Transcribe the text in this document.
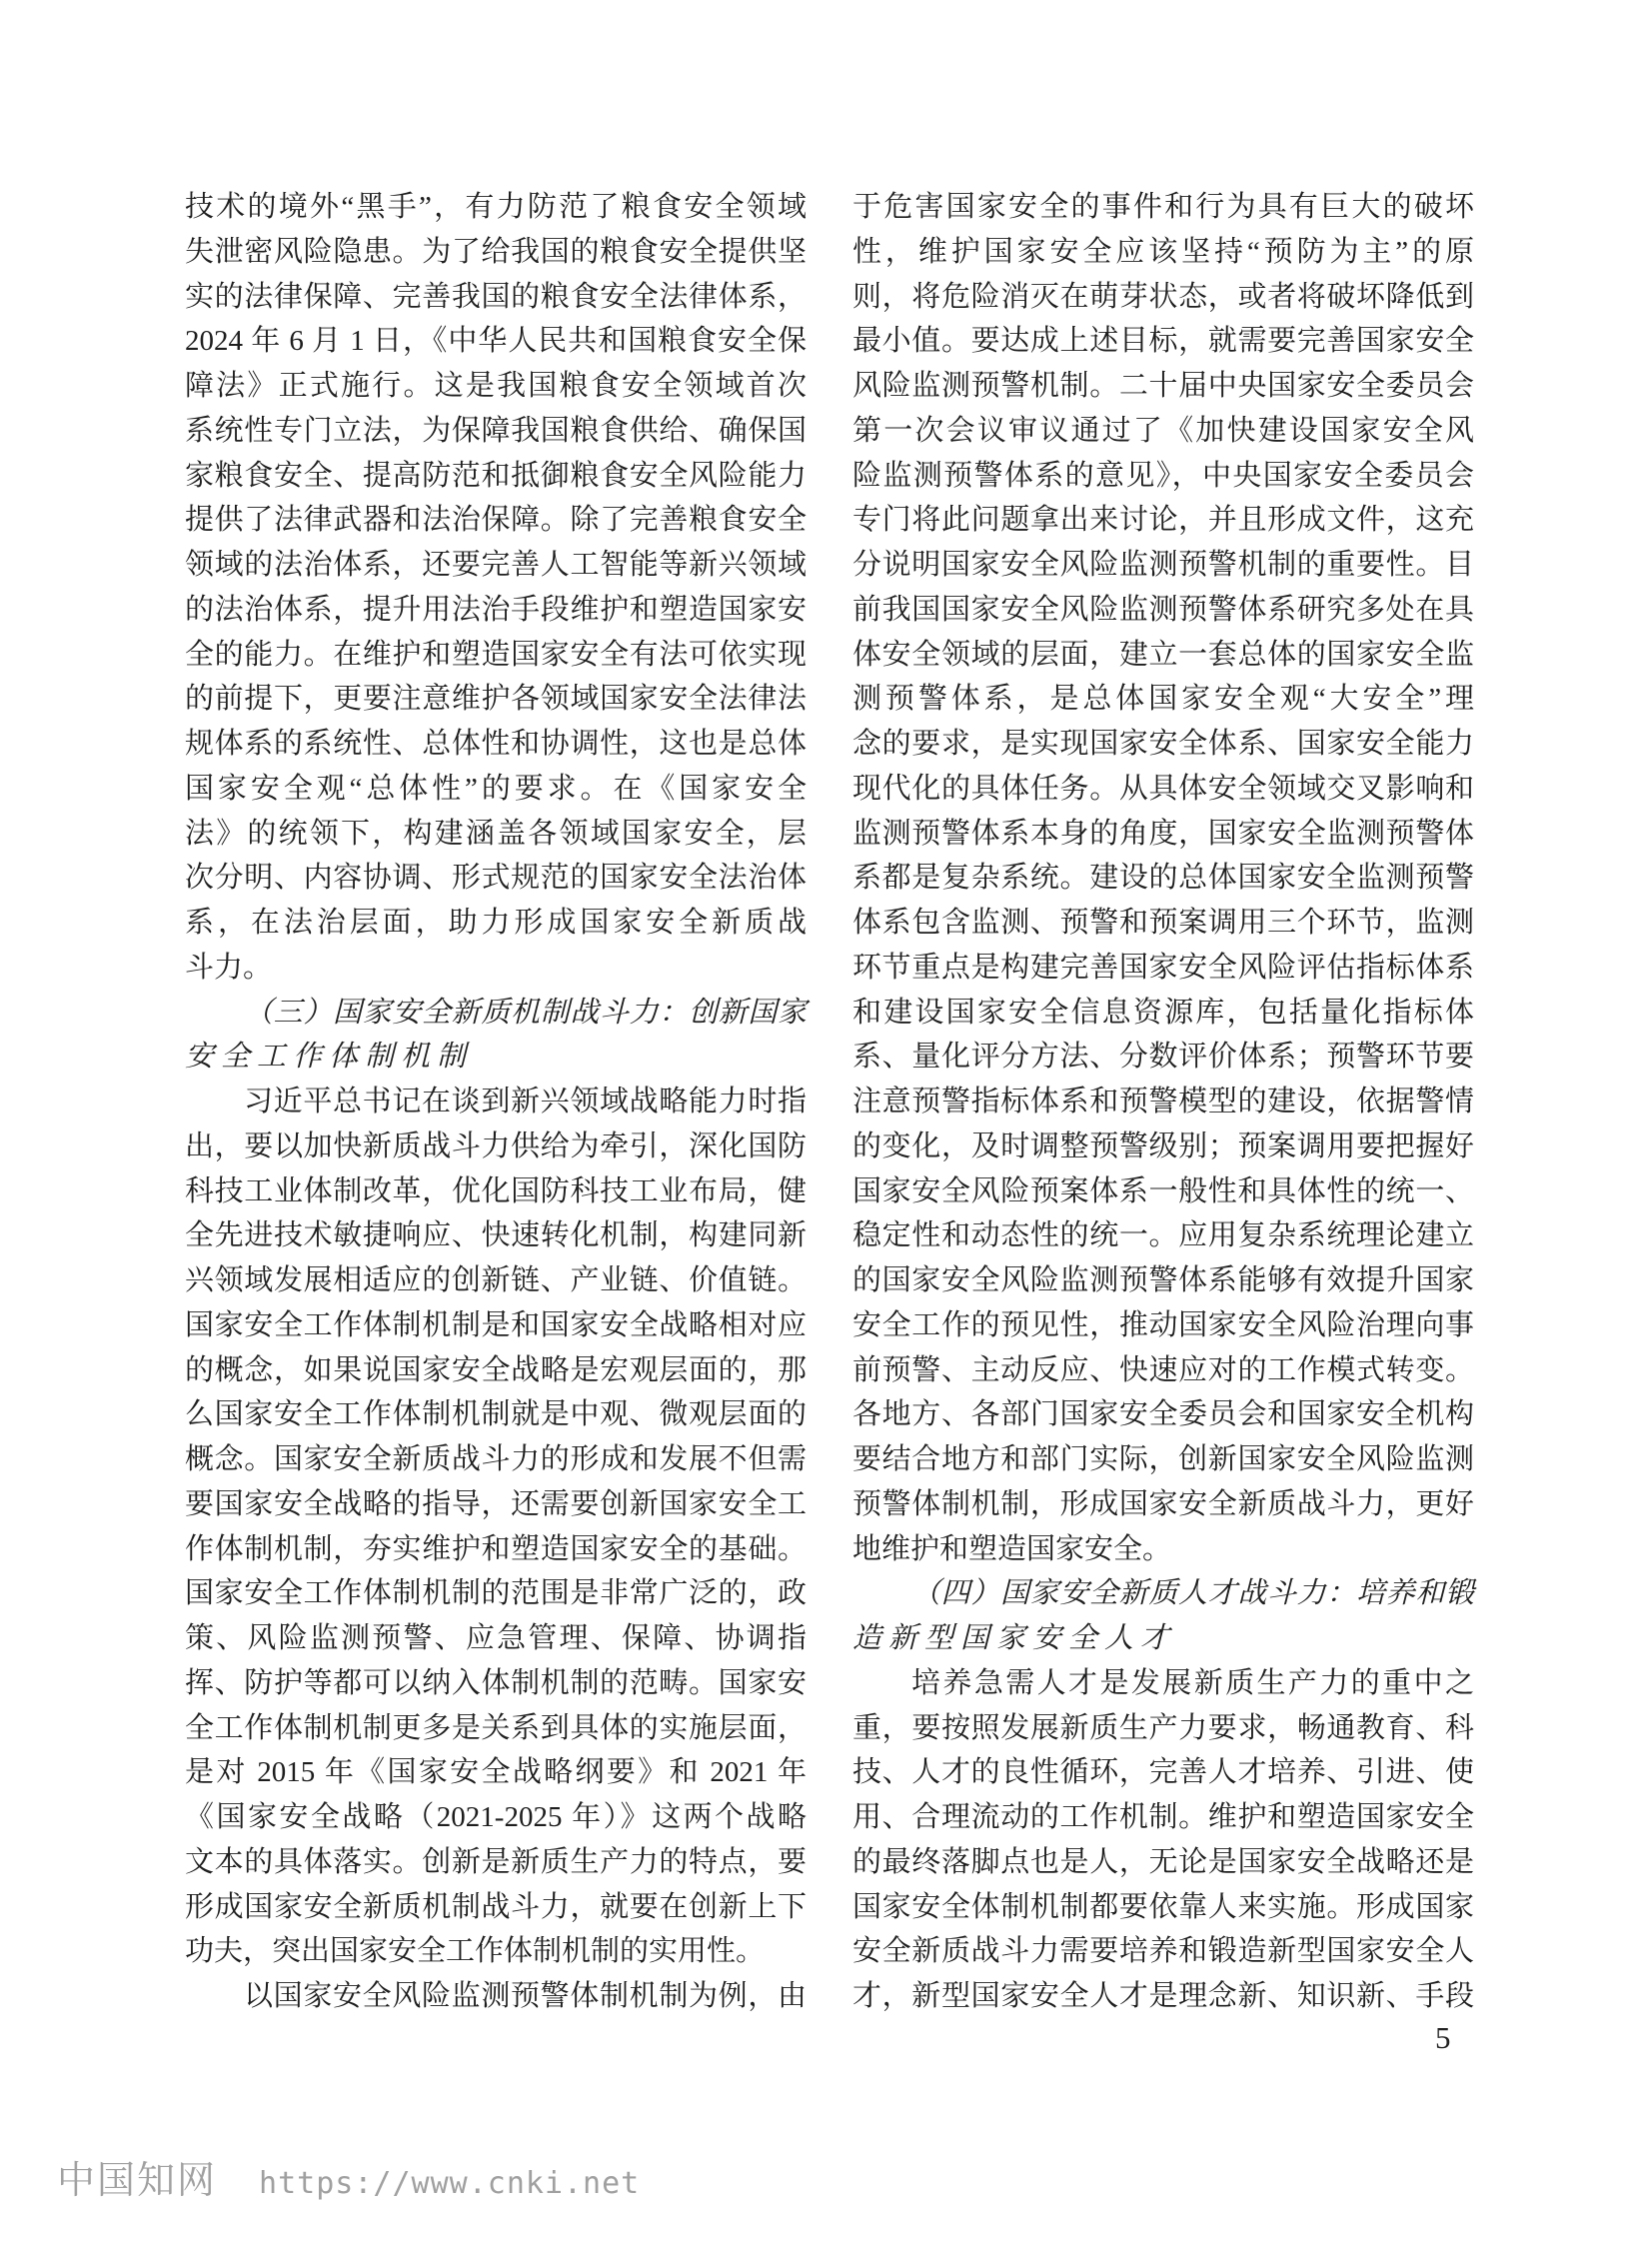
技术的境外“黑手”，有力防范了粮食安全领域
失泄密风险隐患。为了给我国的粮食安全提供坚
实的法律保障、完善我国的粮食安全法律体系，
2024 年 6 月 1 日，《中华人民共和国粮食安全保
障法》正式施行。这是我国粮食安全领域首次
系统性专门立法，为保障我国粮食供给、确保国
家粮食安全、提高防范和抵御粮食安全风险能力
提供了法律武器和法治保障。除了完善粮食安全
领域的法治体系，还要完善人工智能等新兴领域
的法治体系，提升用法治手段维护和塑造国家安
全的能力。在维护和塑造国家安全有法可依实现
的前提下，更要注意维护各领域国家安全法律法
规体系的系统性、总体性和协调性，这也是总体
国家安全观“总体性”的要求。在《国家安全
法》的统领下，构建涵盖各领域国家安全，层
次分明、内容协调、形式规范的国家安全法治体
系，在法治层面，助力形成国家安全新质战
斗力。
（三）国家安全新质机制战斗力：创新国家
安全工作体制机制
习近平总书记在谈到新兴领域战略能力时指
出，要以加快新质战斗力供给为牵引，深化国防
科技工业体制改革，优化国防科技工业布局，健
全先进技术敏捷响应、快速转化机制，构建同新
兴领域发展相适应的创新链、产业链、价值链。
国家安全工作体制机制是和国家安全战略相对应
的概念，如果说国家安全战略是宏观层面的，那
么国家安全工作体制机制就是中观、微观层面的
概念。国家安全新质战斗力的形成和发展不但需
要国家安全战略的指导，还需要创新国家安全工
作体制机制，夯实维护和塑造国家安全的基础。
国家安全工作体制机制的范围是非常广泛的，政
策、风险监测预警、应急管理、保障、协调指
挥、防护等都可以纳入体制机制的范畴。国家安
全工作体制机制更多是关系到具体的实施层面，
是对 2015 年《国家安全战略纲要》和 2021 年
《国家安全战略（2021-2025 年）》这两个战略
文本的具体落实。创新是新质生产力的特点，要
形成国家安全新质机制战斗力，就要在创新上下
功夫，突出国家安全工作体制机制的实用性。
以国家安全风险监测预警体制机制为例，由
于危害国家安全的事件和行为具有巨大的破坏
性，维护国家安全应该坚持“预防为主”的原
则，将危险消灭在萌芽状态，或者将破坏降低到
最小值。要达成上述目标，就需要完善国家安全
风险监测预警机制。二十届中央国家安全委员会
第一次会议审议通过了《加快建设国家安全风
险监测预警体系的意见》，中央国家安全委员会
专门将此问题拿出来讨论，并且形成文件，这充
分说明国家安全风险监测预警机制的重要性。目
前我国国家安全风险监测预警体系研究多处在具
体安全领域的层面，建立一套总体的国家安全监
测预警体系，是总体国家安全观“大安全”理
念的要求，是实现国家安全体系、国家安全能力
现代化的具体任务。从具体安全领域交叉影响和
监测预警体系本身的角度，国家安全监测预警体
系都是复杂系统。建设的总体国家安全监测预警
体系包含监测、预警和预案调用三个环节，监测
环节重点是构建完善国家安全风险评估指标体系
和建设国家安全信息资源库，包括量化指标体
系、量化评分方法、分数评价体系；预警环节要
注意预警指标体系和预警模型的建设，依据警情
的变化，及时调整预警级别；预案调用要把握好
国家安全风险预案体系一般性和具体性的统一、
稳定性和动态性的统一。应用复杂系统理论建立
的国家安全风险监测预警体系能够有效提升国家
安全工作的预见性，推动国家安全风险治理向事
前预警、主动反应、快速应对的工作模式转变。
各地方、各部门国家安全委员会和国家安全机构
要结合地方和部门实际，创新国家安全风险监测
预警体制机制，形成国家安全新质战斗力，更好
地维护和塑造国家安全。
（四）国家安全新质人才战斗力：培养和锻
造新型国家安全人才
培养急需人才是发展新质生产力的重中之
重，要按照发展新质生产力要求，畅通教育、科
技、人才的良性循环，完善人才培养、引进、使
用、合理流动的工作机制。维护和塑造国家安全
的最终落脚点也是人，无论是国家安全战略还是
国家安全体制机制都要依靠人来实施。形成国家
安全新质战斗力需要培养和锻造新型国家安全人
才，新型国家安全人才是理念新、知识新、手段
5
中国知网 https://www.cnki.net
